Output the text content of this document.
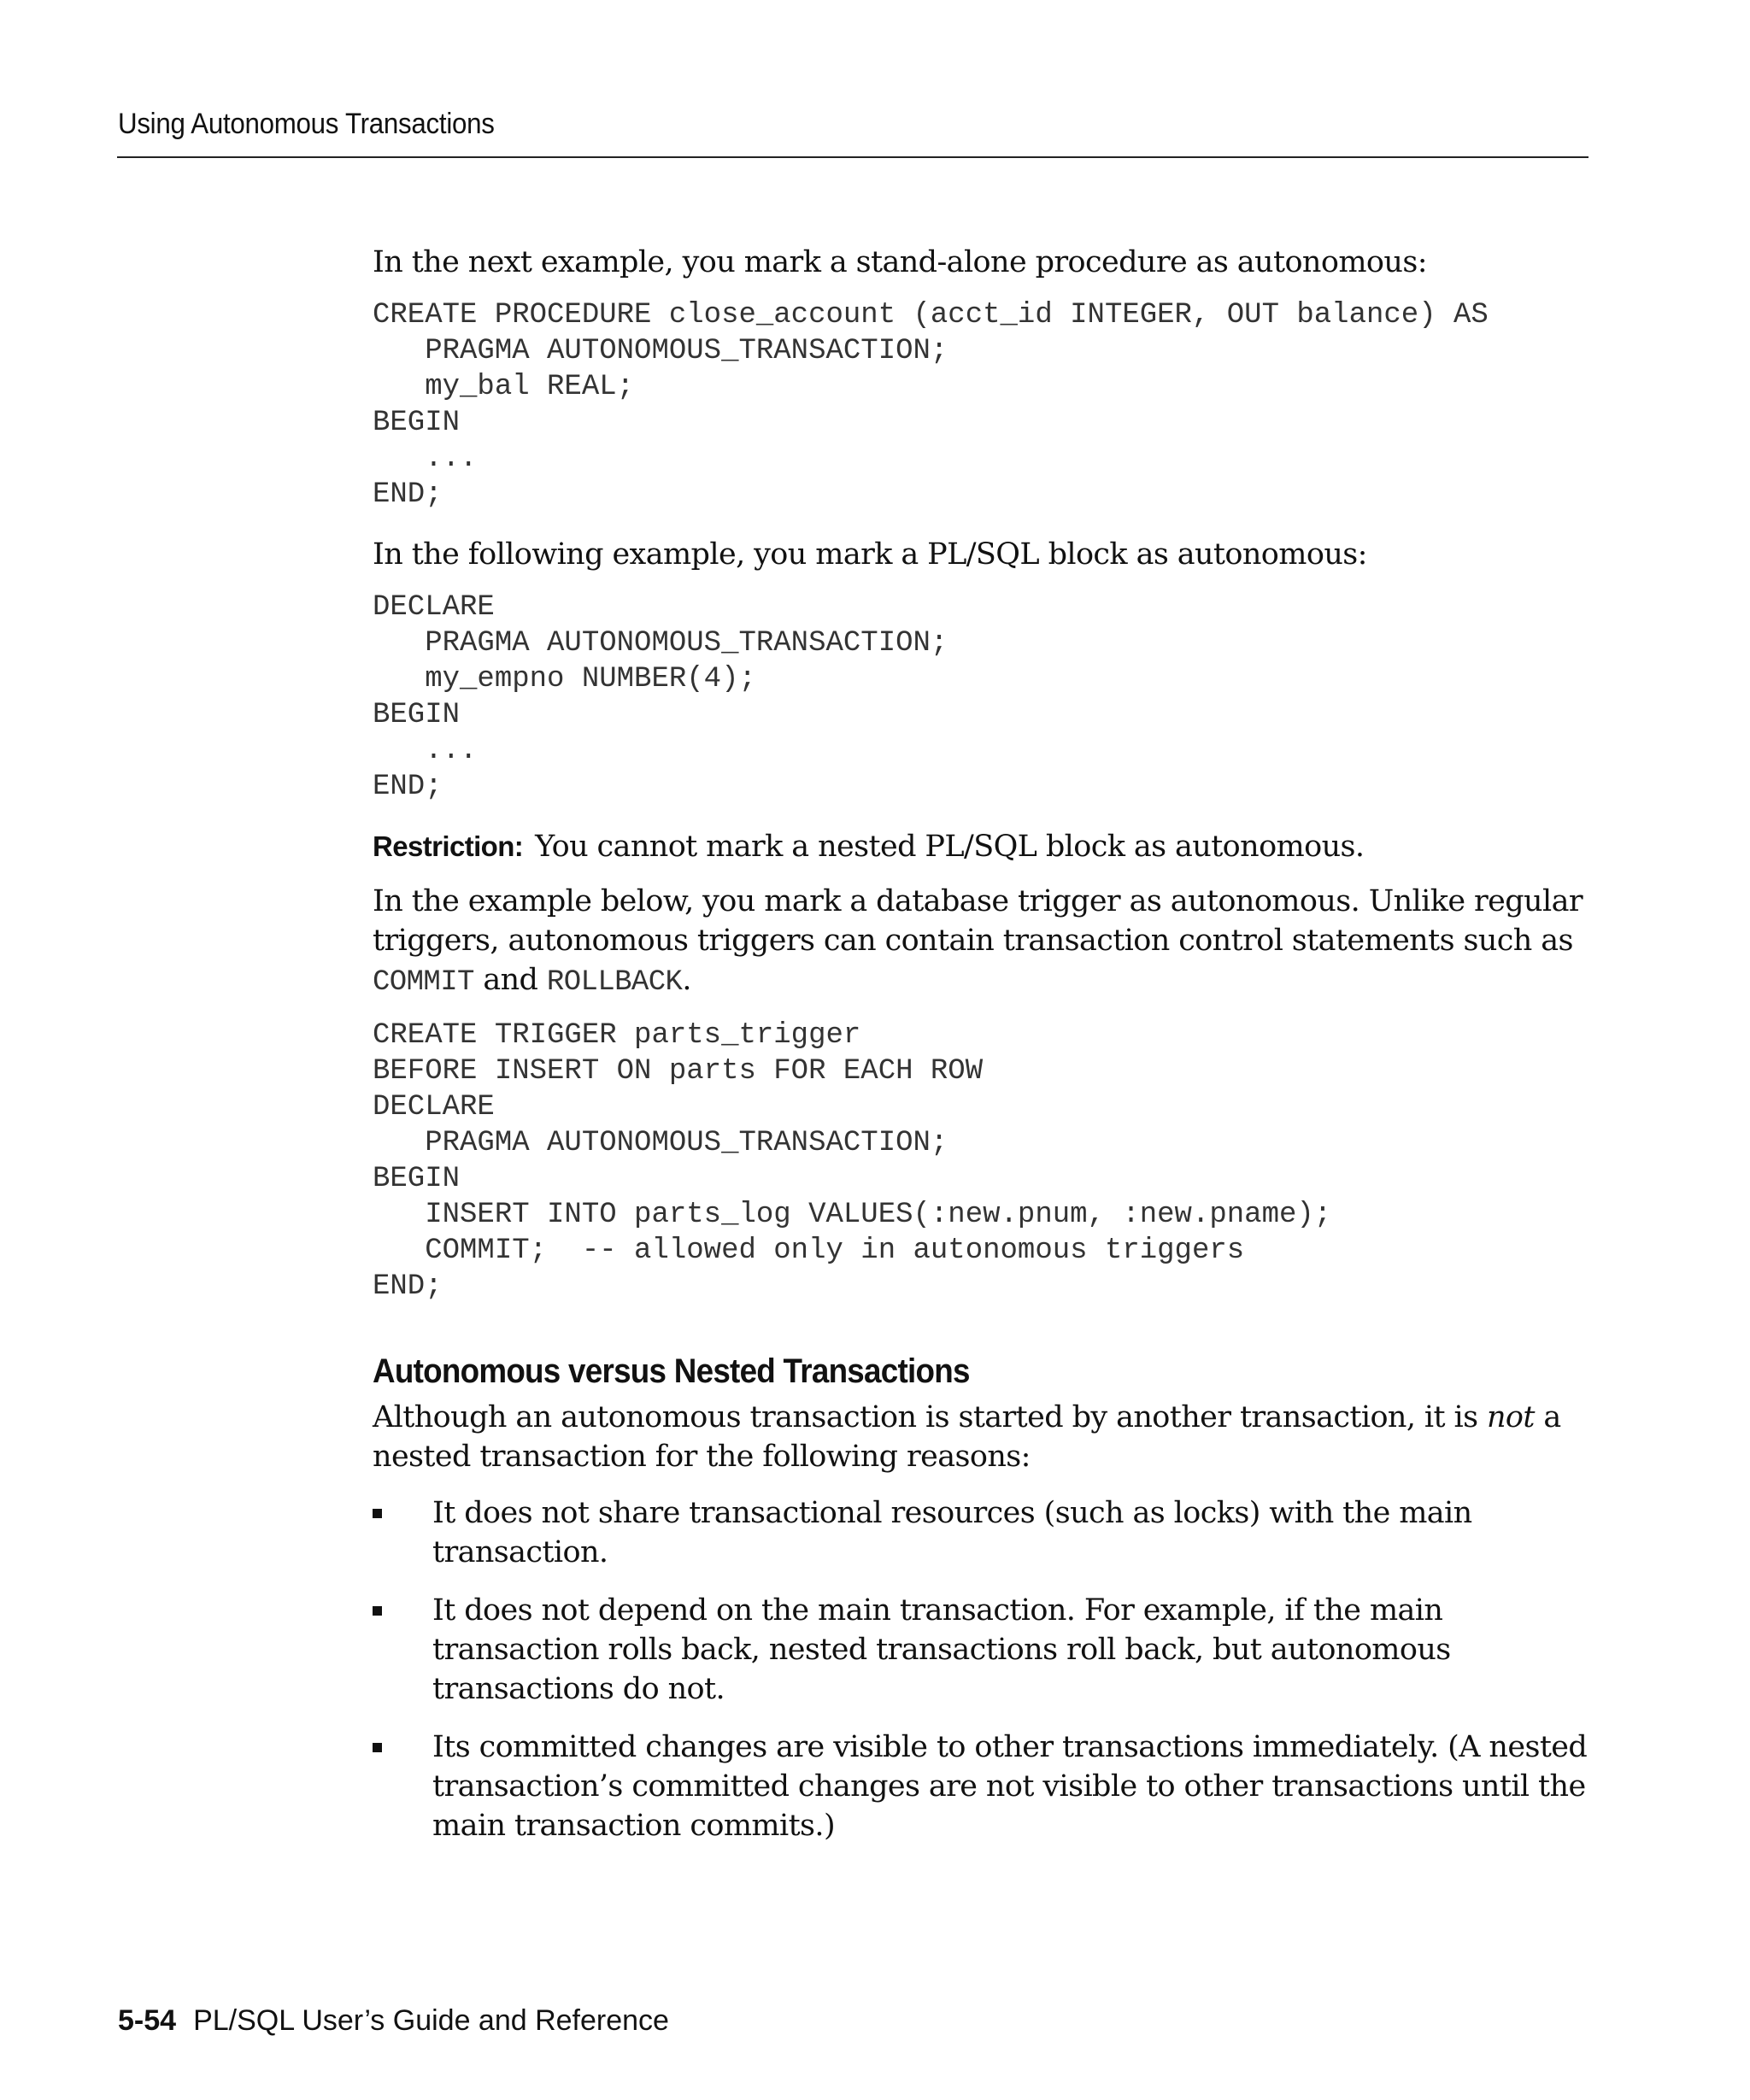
Using Autonomous Transactions

In the next example, you mark a stand-alone procedure as autonomous:

CREATE PROCEDURE close_account (acct_id INTEGER, OUT balance) AS
PRAGMA AUTONOMOUS_TRANSACTION;
my_bal REAL;
BEGIN
...
END;

In the following example, you mark a PL/SQL block as autonomous:

DECLARE
PRAGMA AUTONOMOUS_TRANSACTION;
my_empno NUMBER(4);
BEGIN
...
END;

Restriction: You cannot mark a nested PL/SQL block as autonomous.

In the example below, you mark a database trigger as autonomous. Unlike regular triggers, autonomous triggers can contain transaction control statements such as COMMIT and ROLLBACK.

CREATE TRIGGER parts_trigger
BEFORE INSERT ON parts FOR EACH ROW
DECLARE
PRAGMA AUTONOMOUS_TRANSACTION;
BEGIN
INSERT INTO parts_log VALUES(:new.pnum, :new.pname);
COMMIT;  -- allowed only in autonomous triggers
END;
Autonomous versus Nested Transactions

Although an autonomous transaction is started by another transaction, it is not a nested transaction for the following reasons:

It does not share transactional resources (such as locks) with the main transaction.
It does not depend on the main transaction. For example, if the main transaction rolls back, nested transactions roll back, but autonomous transactions do not.
Its committed changes are visible to other transactions immediately. (A nested transaction’s committed changes are not visible to other transactions until the main transaction commits.)
5-54 PL/SQL User’s Guide and Reference
